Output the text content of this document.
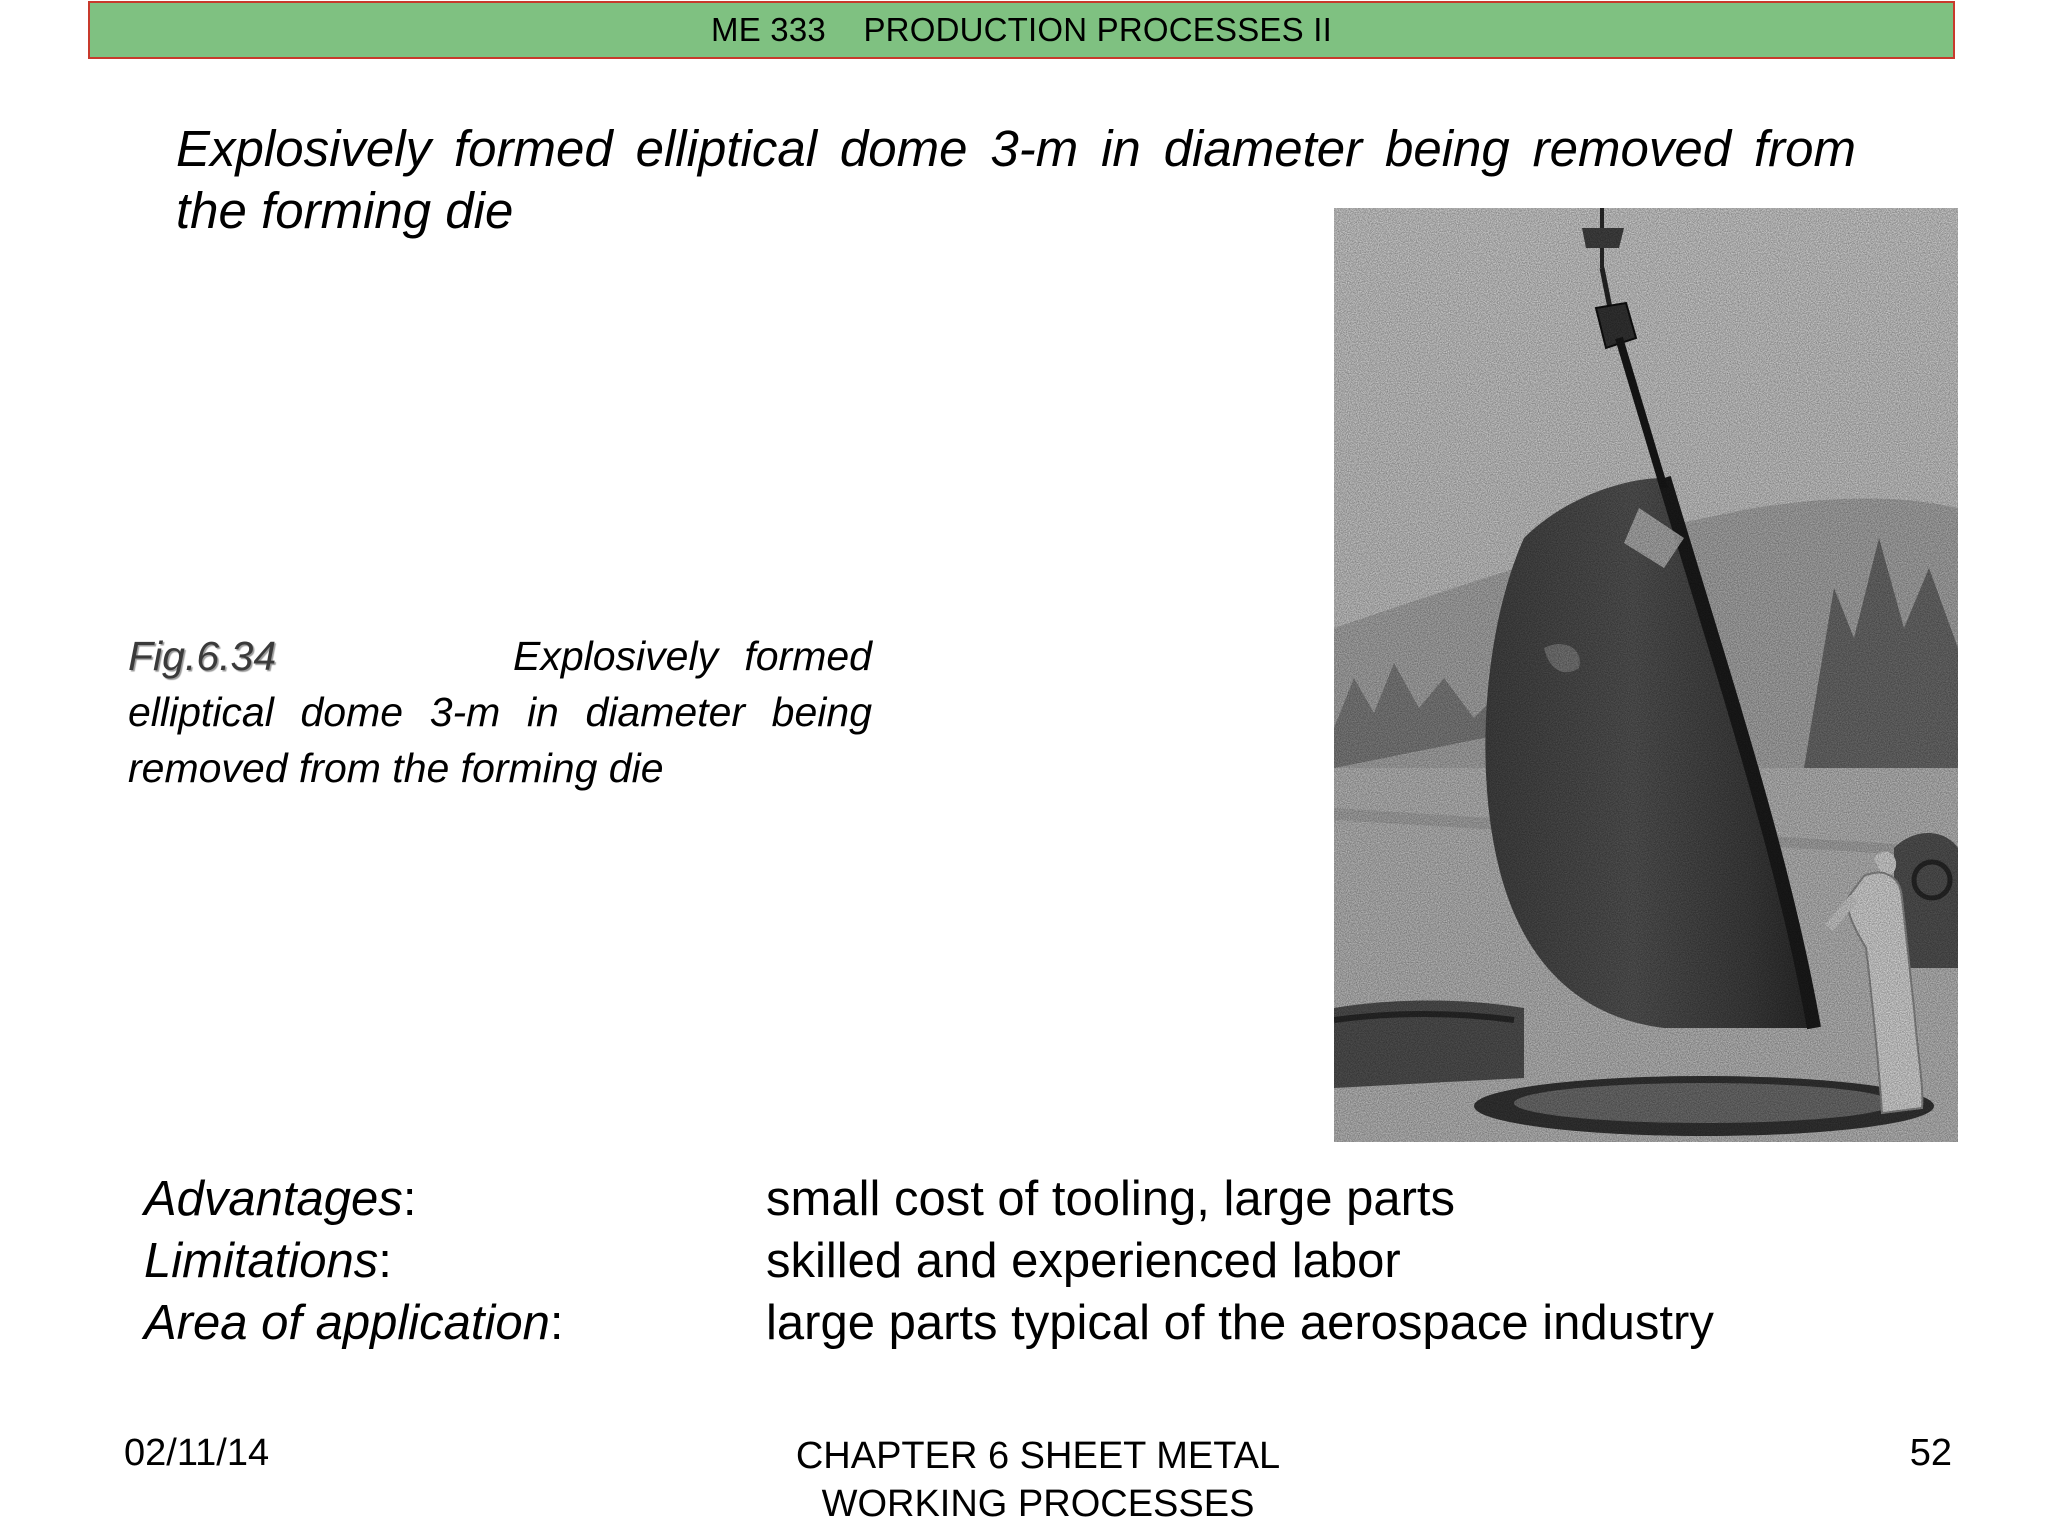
ME 333
PRODUCTION PROCESSES II
Explosively formed elliptical dome 3-m in diameter being removed from the forming die
Fig.6.34	Explosively formed elliptical dome 3-m in diameter being removed from the forming die
Advantages:	small cost of tooling, large parts
Limitations:	skilled and experienced labor
Area of application:	large parts typical of the aerospace industry
02/11/14	CHAPTER 6 SHEET METAL
WORKING PROCESSES
52
